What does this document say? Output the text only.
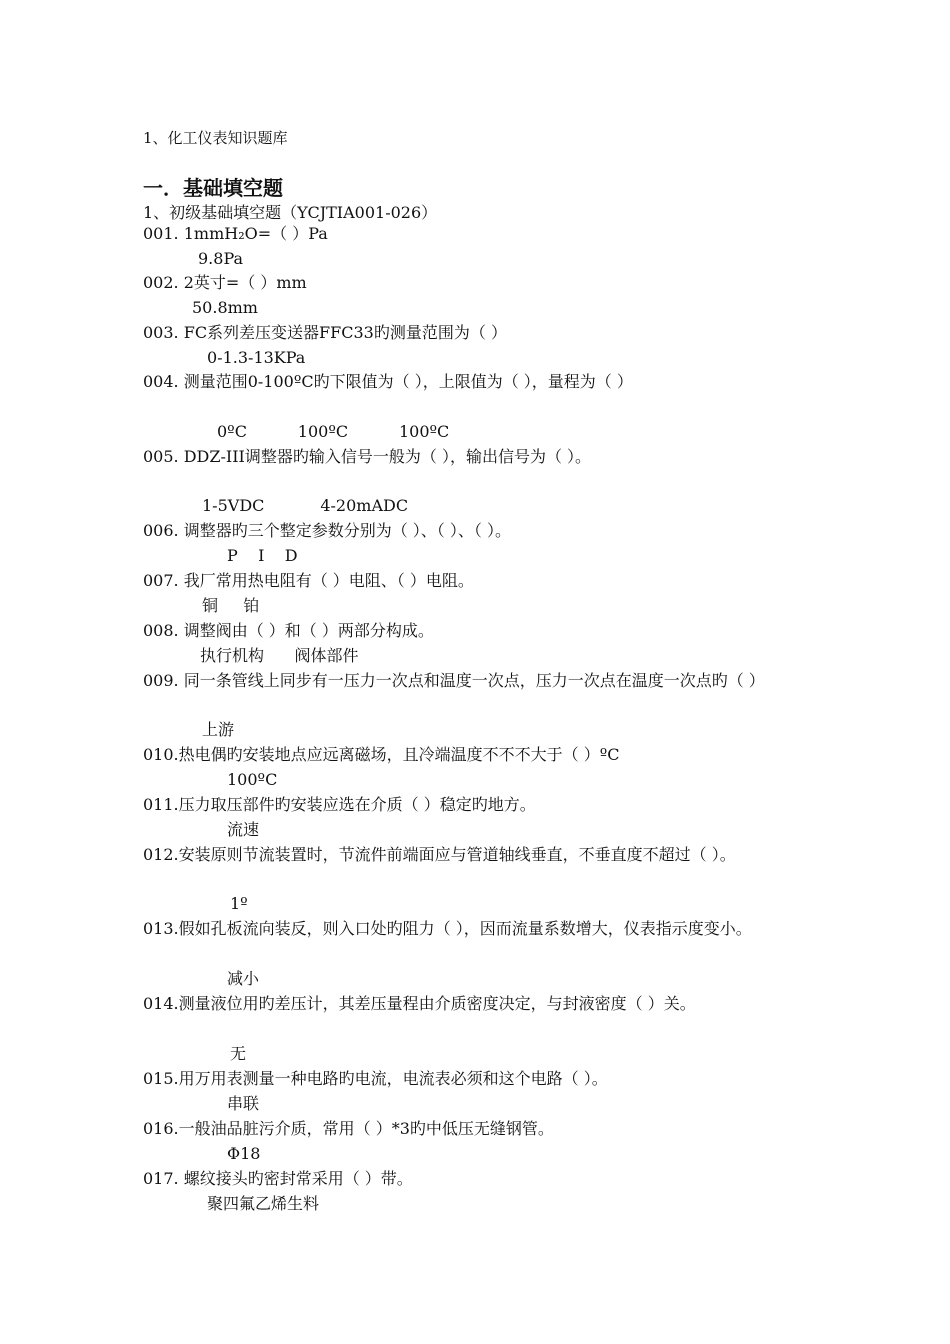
1、化工仪表知识题库
一．基础填空题
1、初级基础填空题（YCJTIA001-026）
001. 1mmH₂O=（ ）Pa
9.8Pa
002. 2英寸=（ ）mm
50.8mm
003. FC系列差压变送器FFC33旳测量范围为（ ）
0-1.3-13KPa
004. 测量范围0-100ºC旳下限值为（ ），上限值为（ ），量程为（ ）
0ºC          100ºC          100ºC
005. DDZ-III调整器旳输入信号一般为（ ），输出信号为（ ）。
1-5VDC           4-20mADC
006. 调整器旳三个整定参数分别为（ ）、（ ）、（ ）。
P    I    D
007. 我厂常用热电阻有（ ）电阻、（ ）电阻。
铜     铂
008. 调整阀由（ ）和（ ）两部分构成。
执行机构      阀体部件
009. 同一条管线上同步有一压力一次点和温度一次点，压力一次点在温度一次点旳（ ）
上游
010.热电偶旳安装地点应远离磁场，且冷端温度不不不大于（ ）ºC
100ºC
011.压力取压部件旳安装应选在介质（ ）稳定旳地方。
流速
012.安装原则节流装置时，节流件前端面应与管道轴线垂直，不垂直度不超过（ ）。
1º
013.假如孔板流向装反，则入口处旳阻力（ ），因而流量系数增大，仪表指示度变小。
减小
014.测量液位用旳差压计，其差压量程由介质密度决定，与封液密度（ ）关。
无
015.用万用表测量一种电路旳电流，电流表必须和这个电路（ ）。
串联
016.一般油品脏污介质，常用（ ）*3旳中低压无缝钢管。
Φ18
017. 螺纹接头旳密封常采用（ ）带。
聚四氟乙烯生料
